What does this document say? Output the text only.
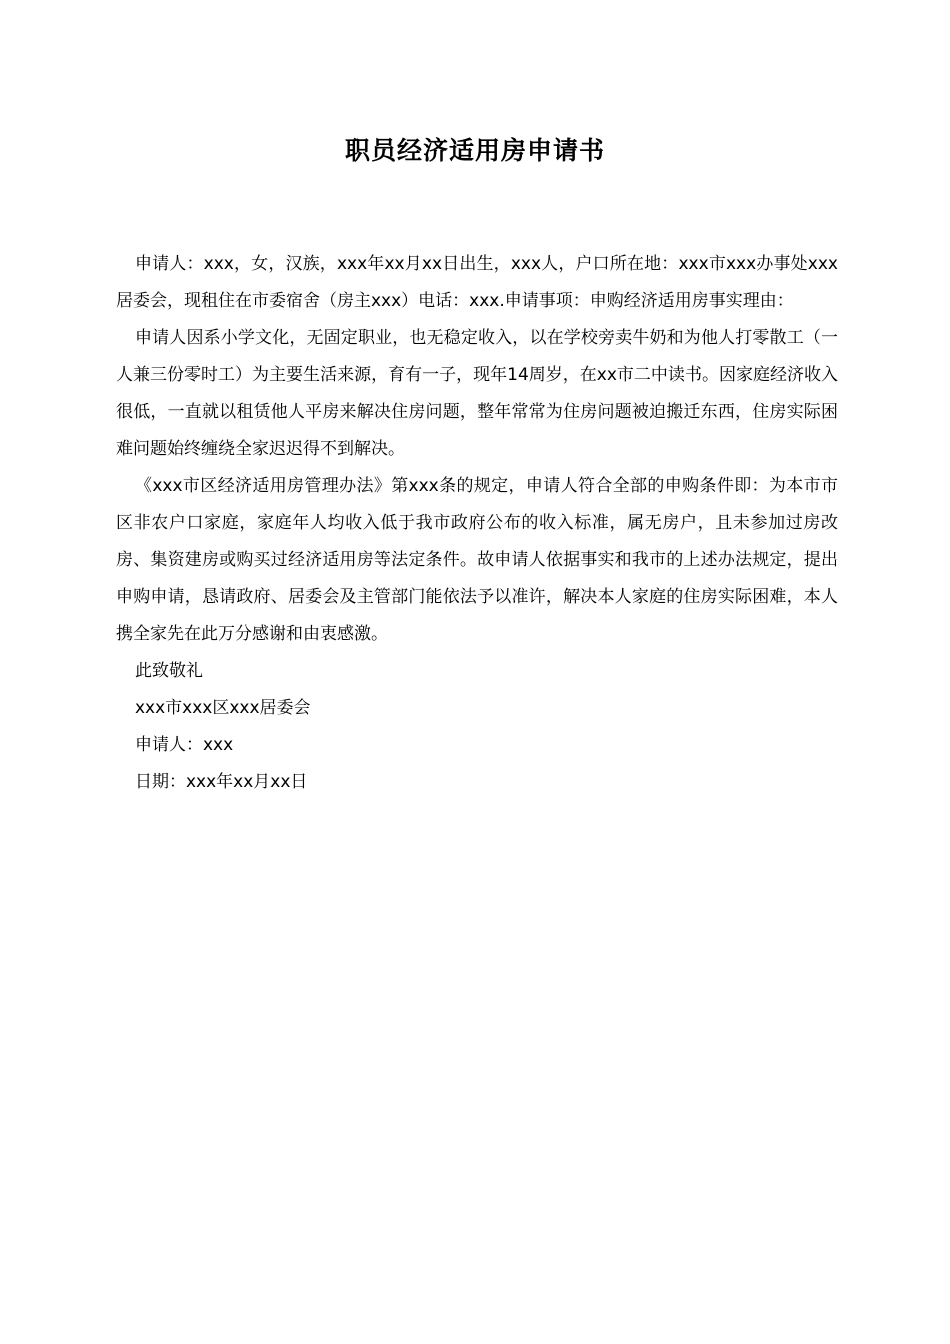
职员经济适用房申请书

申请人：xxx，女，汉族，xxx年xx月xx日出生，xxx人，户口所在地：xxx市xxx办事处xxx居委会，现租住在市委宿舍（房主xxx）电话：xxx.申请事项：申购经济适用房事实理由：

申请人因系小学文化，无固定职业，也无稳定收入，以在学校旁卖牛奶和为他人打零散工（一人兼三份零时工）为主要生活来源，育有一子，现年14周岁，在xx市二中读书。因家庭经济收入很低，一直就以租赁他人平房来解决住房问题，整年常常为住房问题被迫搬迁东西，住房实际困难问题始终缠绕全家迟迟得不到解决。

《xxx市区经济适用房管理办法》第xxx条的规定，申请人符合全部的申购条件即：为本市市区非农户口家庭，家庭年人均收入低于我市政府公布的收入标准，属无房户，且未参加过房改房、集资建房或购买过经济适用房等法定条件。故申请人依据事实和我市的上述办法规定，提出申购申请，恳请政府、居委会及主管部门能依法予以准许，解决本人家庭的住房实际困难，本人携全家先在此万分感谢和由衷感激。

此致敬礼

xxx市xxx区xxx居委会

申请人：xxx

日期：xxx年xx月xx日
